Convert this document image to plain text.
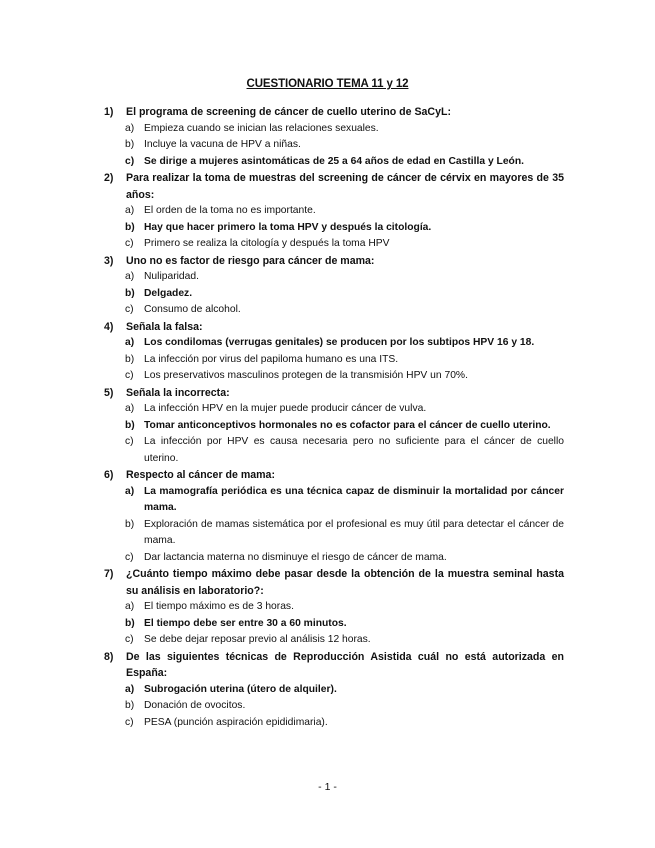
CUESTIONARIO TEMA 11 y 12
1)	El programa de screening de cáncer de cuello uterino de SaCyL:
a) Empieza cuando se inician las relaciones sexuales.
b) Incluye la vacuna de HPV a niñas.
c) Se dirige a mujeres asintomáticas de 25 a 64 años de edad en Castilla y León.
2)	Para realizar la toma de muestras del screening de cáncer de cérvix en mayores de 35 años:
a) El orden de la toma no es importante.
b) Hay que hacer primero la toma HPV y después la citología.
c)	Primero se realiza la citología y después la toma HPV
3)	Uno no es factor de riesgo para cáncer de mama:
a) Nuliparidad.
b) Delgadez.
c)	Consumo de alcohol.
4)	Señala la falsa:
a) Los condilomas (verrugas genitales) se producen por los subtipos HPV 16 y 18.
b) La infección por virus del papiloma humano es una ITS.
c)	Los preservativos masculinos protegen de la transmisión HPV un 70%.
5)	Señala la incorrecta:
a) La infección HPV en la mujer puede producir cáncer de vulva.
b) Tomar anticonceptivos hormonales no es cofactor para el cáncer de cuello uterino.
c)	La infección por HPV es causa necesaria pero no suficiente para el cáncer de cuello uterino.
6)	Respecto al cáncer de mama:
a) La mamografía periódica es una técnica capaz de disminuir la mortalidad por cáncer mama.
b) Exploración de mamas sistemática por el profesional es muy útil para detectar el cáncer de mama.
c)	Dar lactancia materna no disminuye el riesgo de cáncer de mama.
7)	¿Cuánto tiempo máximo debe pasar desde la obtención de la muestra seminal hasta su análisis en laboratorio?:
a) El tiempo máximo es de 3 horas.
b) El tiempo debe ser entre 30 a 60 minutos.
c)	Se debe dejar reposar previo al análisis 12 horas.
8)	De las siguientes técnicas de Reproducción Asistida cuál no está autorizada en España:
a) Subrogación uterina (útero de alquiler).
b) Donación de ovocitos.
c)	PESA (punción aspiración epididimaria).
- 1 -
